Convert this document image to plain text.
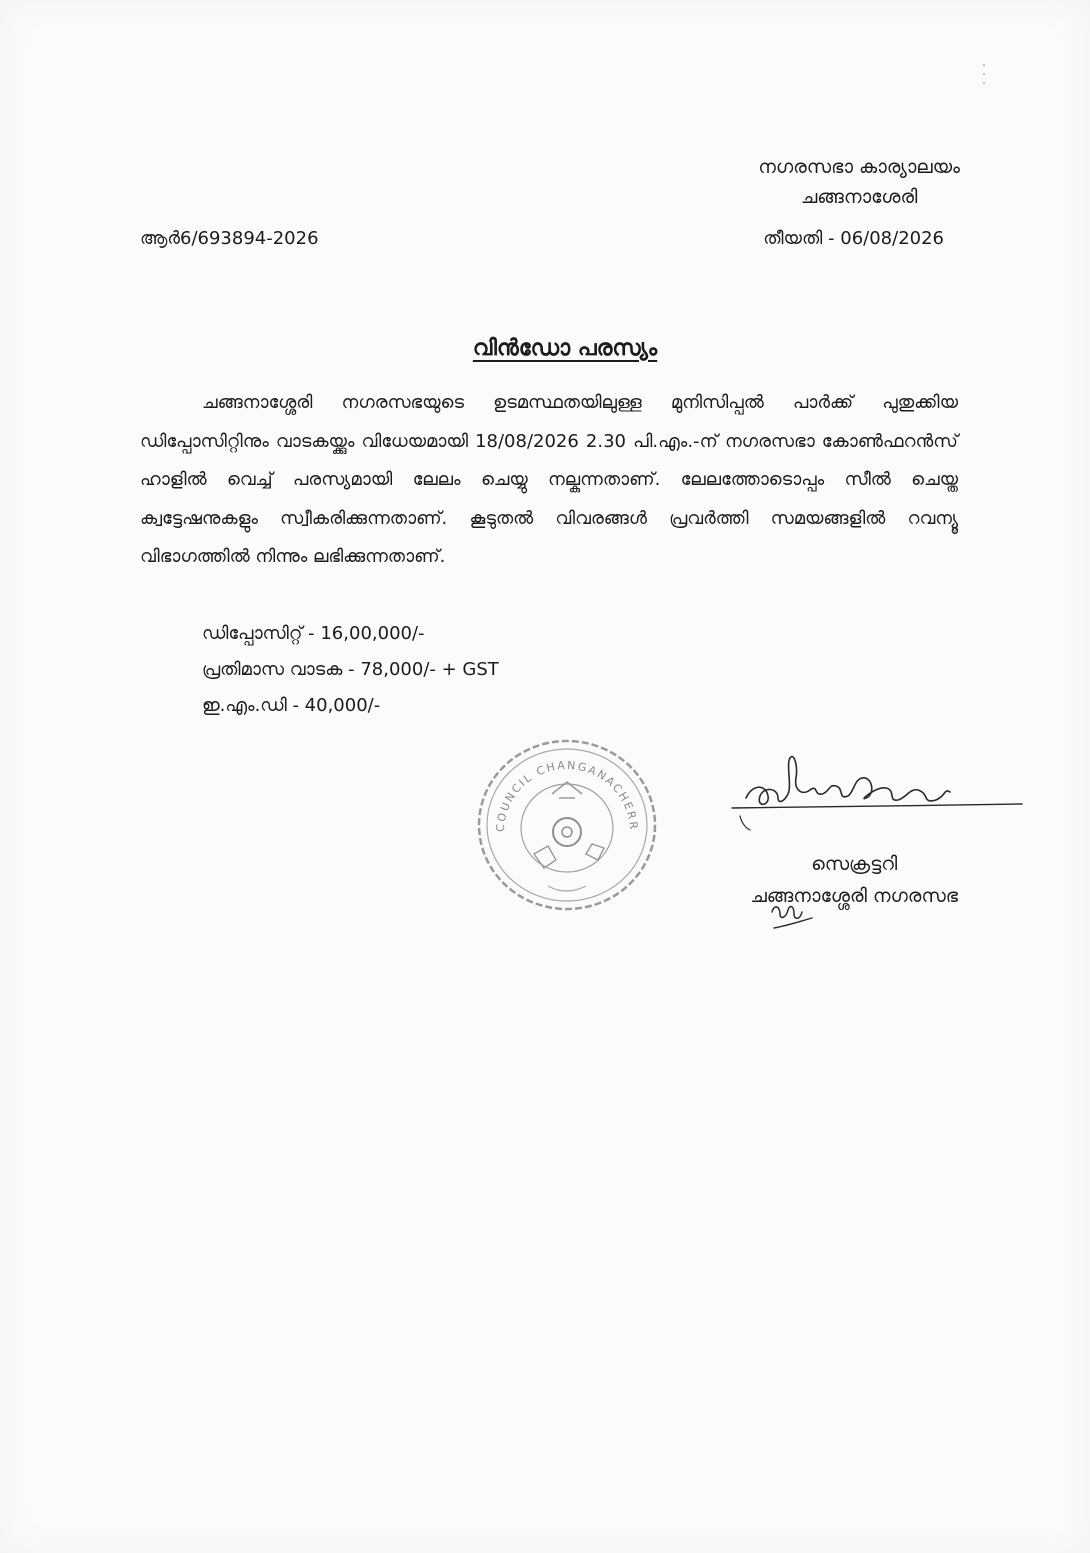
നഗരസഭാ കാര്യാലയം
ചങ്ങനാശേരി
ആർ6/693894-2026	തീയതി - 06/08/2026
വിൻഡോ പരസ്യം

ചങ്ങനാശ്ശേരി നഗരസഭയുടെ ഉടമസ്ഥതയിലുള്ള മുനിസിപ്പൽ പാർക്ക് പുതുക്കിയ ഡിപ്പോസിറ്റിനും വാടകയ്ക്കും വിധേയമായി 18/08/2026 2.30 പി.എം.-ന് നഗരസഭാ കോൺഫറൻസ് ഹാളിൽ വെച്ച് പരസ്യമായി ലേലം ചെയ്യു നല്കുന്നതാണ്. ലേലത്തോടൊപ്പം സീൽ ചെയ്ത ക്വട്ടേഷനുകളും സ്വീകരിക്കുന്നതാണ്. കൂടുതൽ വിവരങ്ങൾ പ്രവർത്തി സമയങ്ങളിൽ റവന്യൂ വിഭാഗത്തിൽ നിന്നും ലഭിക്കുന്നതാണ്.

ഡിപ്പോസിറ്റ് - 16,00,000/-
പ്രതിമാസ വാടക - 78,000/- + GST
ഇ.എം.ഡി - 40,000/-
COUNCIL CHANGANACHERR
സെക്രട്ടറി
ചങ്ങനാശ്ശേരി നഗരസഭ
